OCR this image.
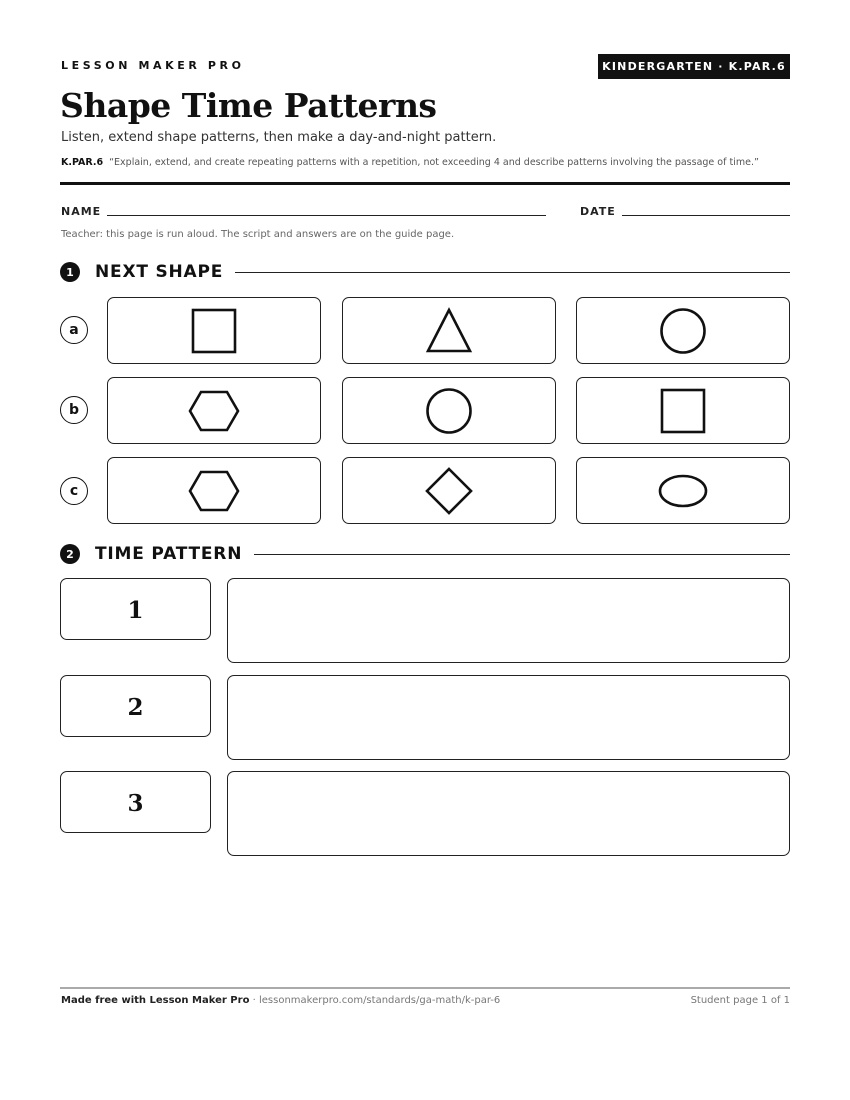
LESSON MAKER PRO	KINDERGARTEN · K.PAR.6
Shape Time Patterns

Listen, extend shape patterns, then make a day-and-night pattern.

K.PAR.6 “Explain, extend, and create repeating patterns with a repetition, not exceeding 4 and describe patterns involving the passage of time.”

NAME	DATE

Teacher: this page is run aloud. The script and answers are on the guide page.

1	NEXT SHAPE
a
b
c
2	TIME PATTERN
1
2
3
Made free with Lesson Maker Pro · lessonmakerpro.com/standards/ga-math/k-par-6	Student page 1 of 1
